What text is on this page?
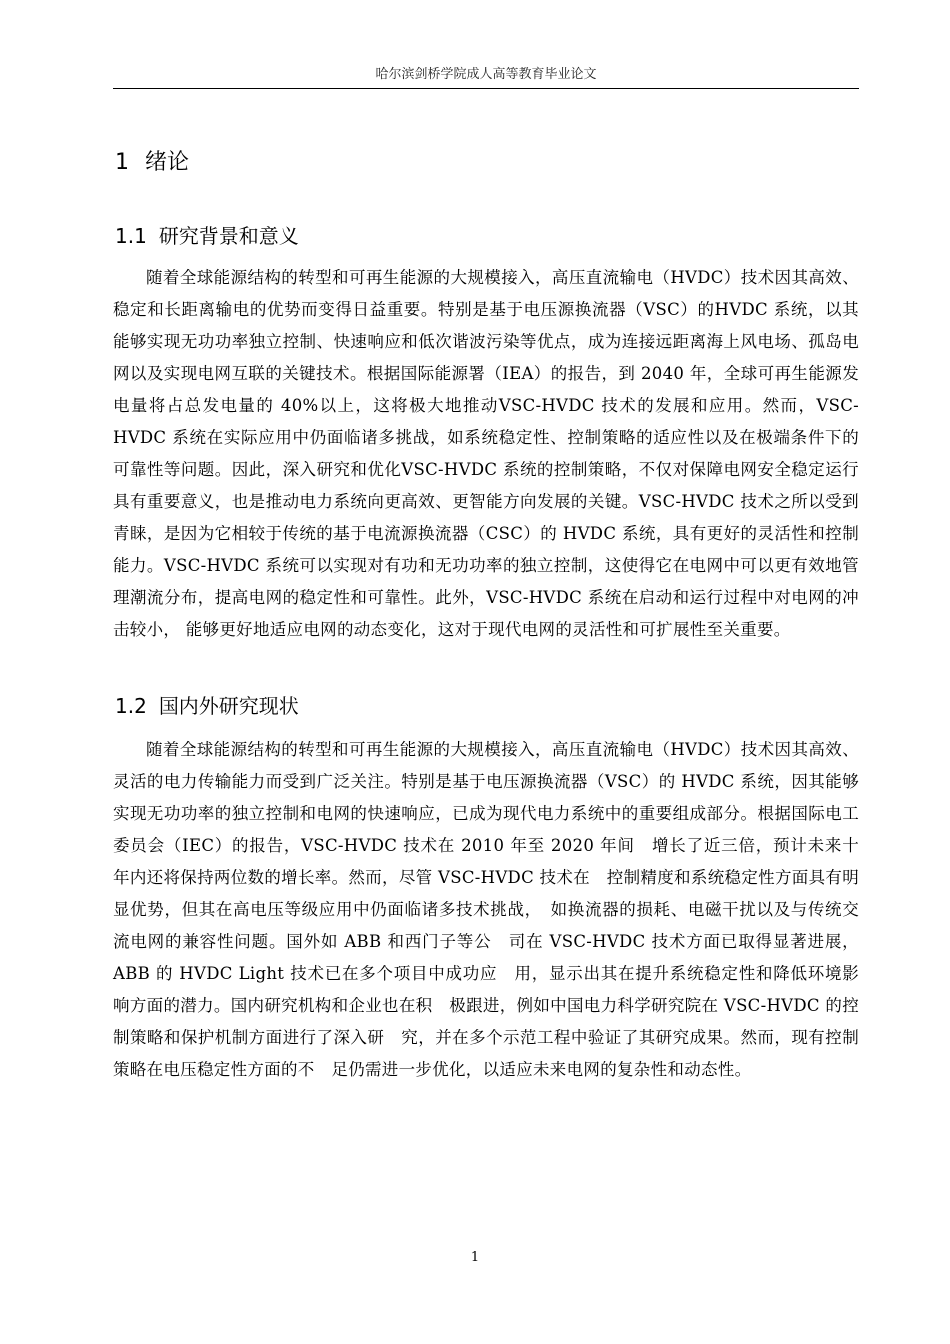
哈尔滨剑桥学院成人高等教育毕业论文
1 绪论
1.1 研究背景和意义

随着全球能源结构的转型和可再生能源的大规模接入，高压直流输电（HVDC）技术因其高效、稳定和长距离输电的优势而变得日益重要。特别是基于电压源换流器（VSC）的HVDC 系统，以其能够实现无功功率独立控制、快速响应和低次谐波污染等优点，成为连接远距离海上风电场、孤岛电网以及实现电网互联的关键技术。根据国际能源署（IEA）的报告，到 2040 年，全球可再生能源发电量将占总发电量的 40%以上，这将极大地推动VSC-HVDC 技术的发展和应用。然而，VSC-HVDC 系统在实际应用中仍面临诸多挑战，如系统稳定性、控制策略的适应性以及在极端条件下的可靠性等问题。因此，深入研究和优化VSC-HVDC 系统的控制策略，不仅对保障电网安全稳定运行具有重要意义，也是推动电力系统向更高效、更智能方向发展的关键。VSC-HVDC 技术之所以受到青睐，是因为它相较于传统的基于电流源换流器（CSC）的 HVDC 系统，具有更好的灵活性和控制能力。VSC-HVDC 系统可以实现对有功和无功功率的独立控制，这使得它在电网中可以更有效地管理潮流分布，提高电网的稳定性和可靠性。此外，VSC-HVDC 系统在启动和运行过程中对电网的冲击较小， 能够更好地适应电网的动态变化，这对于现代电网的灵活性和可扩展性至关重要。

1.2 国内外研究现状

随着全球能源结构的转型和可再生能源的大规模接入，高压直流输电（HVDC）技术因其高效、灵活的电力传输能力而受到广泛关注。特别是基于电压源换流器（VSC）的 HVDC 系统，因其能够实现无功功率的独立控制和电网的快速响应，已成为现代电力系统中的重要组成部分。根据国际电工委员会（IEC）的报告，VSC-HVDC 技术在 2010 年至 2020 年间　增长了近三倍，预计未来十年内还将保持两位数的增长率。然而，尽管 VSC-HVDC 技术在　控制精度和系统稳定性方面具有明显优势，但其在高电压等级应用中仍面临诸多技术挑战，　如换流器的损耗、电磁干扰以及与传统交流电网的兼容性问题。国外如 ABB 和西门子等公　司在 VSC-HVDC 技术方面已取得显著进展，ABB 的 HVDC Light 技术已在多个项目中成功应　用，显示出其在提升系统稳定性和降低环境影响方面的潜力。国内研究机构和企业也在积　极跟进，例如中国电力科学研究院在 VSC-HVDC 的控制策略和保护机制方面进行了深入研　究，并在多个示范工程中验证了其研究成果。然而，现有控制策略在电压稳定性方面的不　足仍需进一步优化，以适应未来电网的复杂性和动态性。

1
